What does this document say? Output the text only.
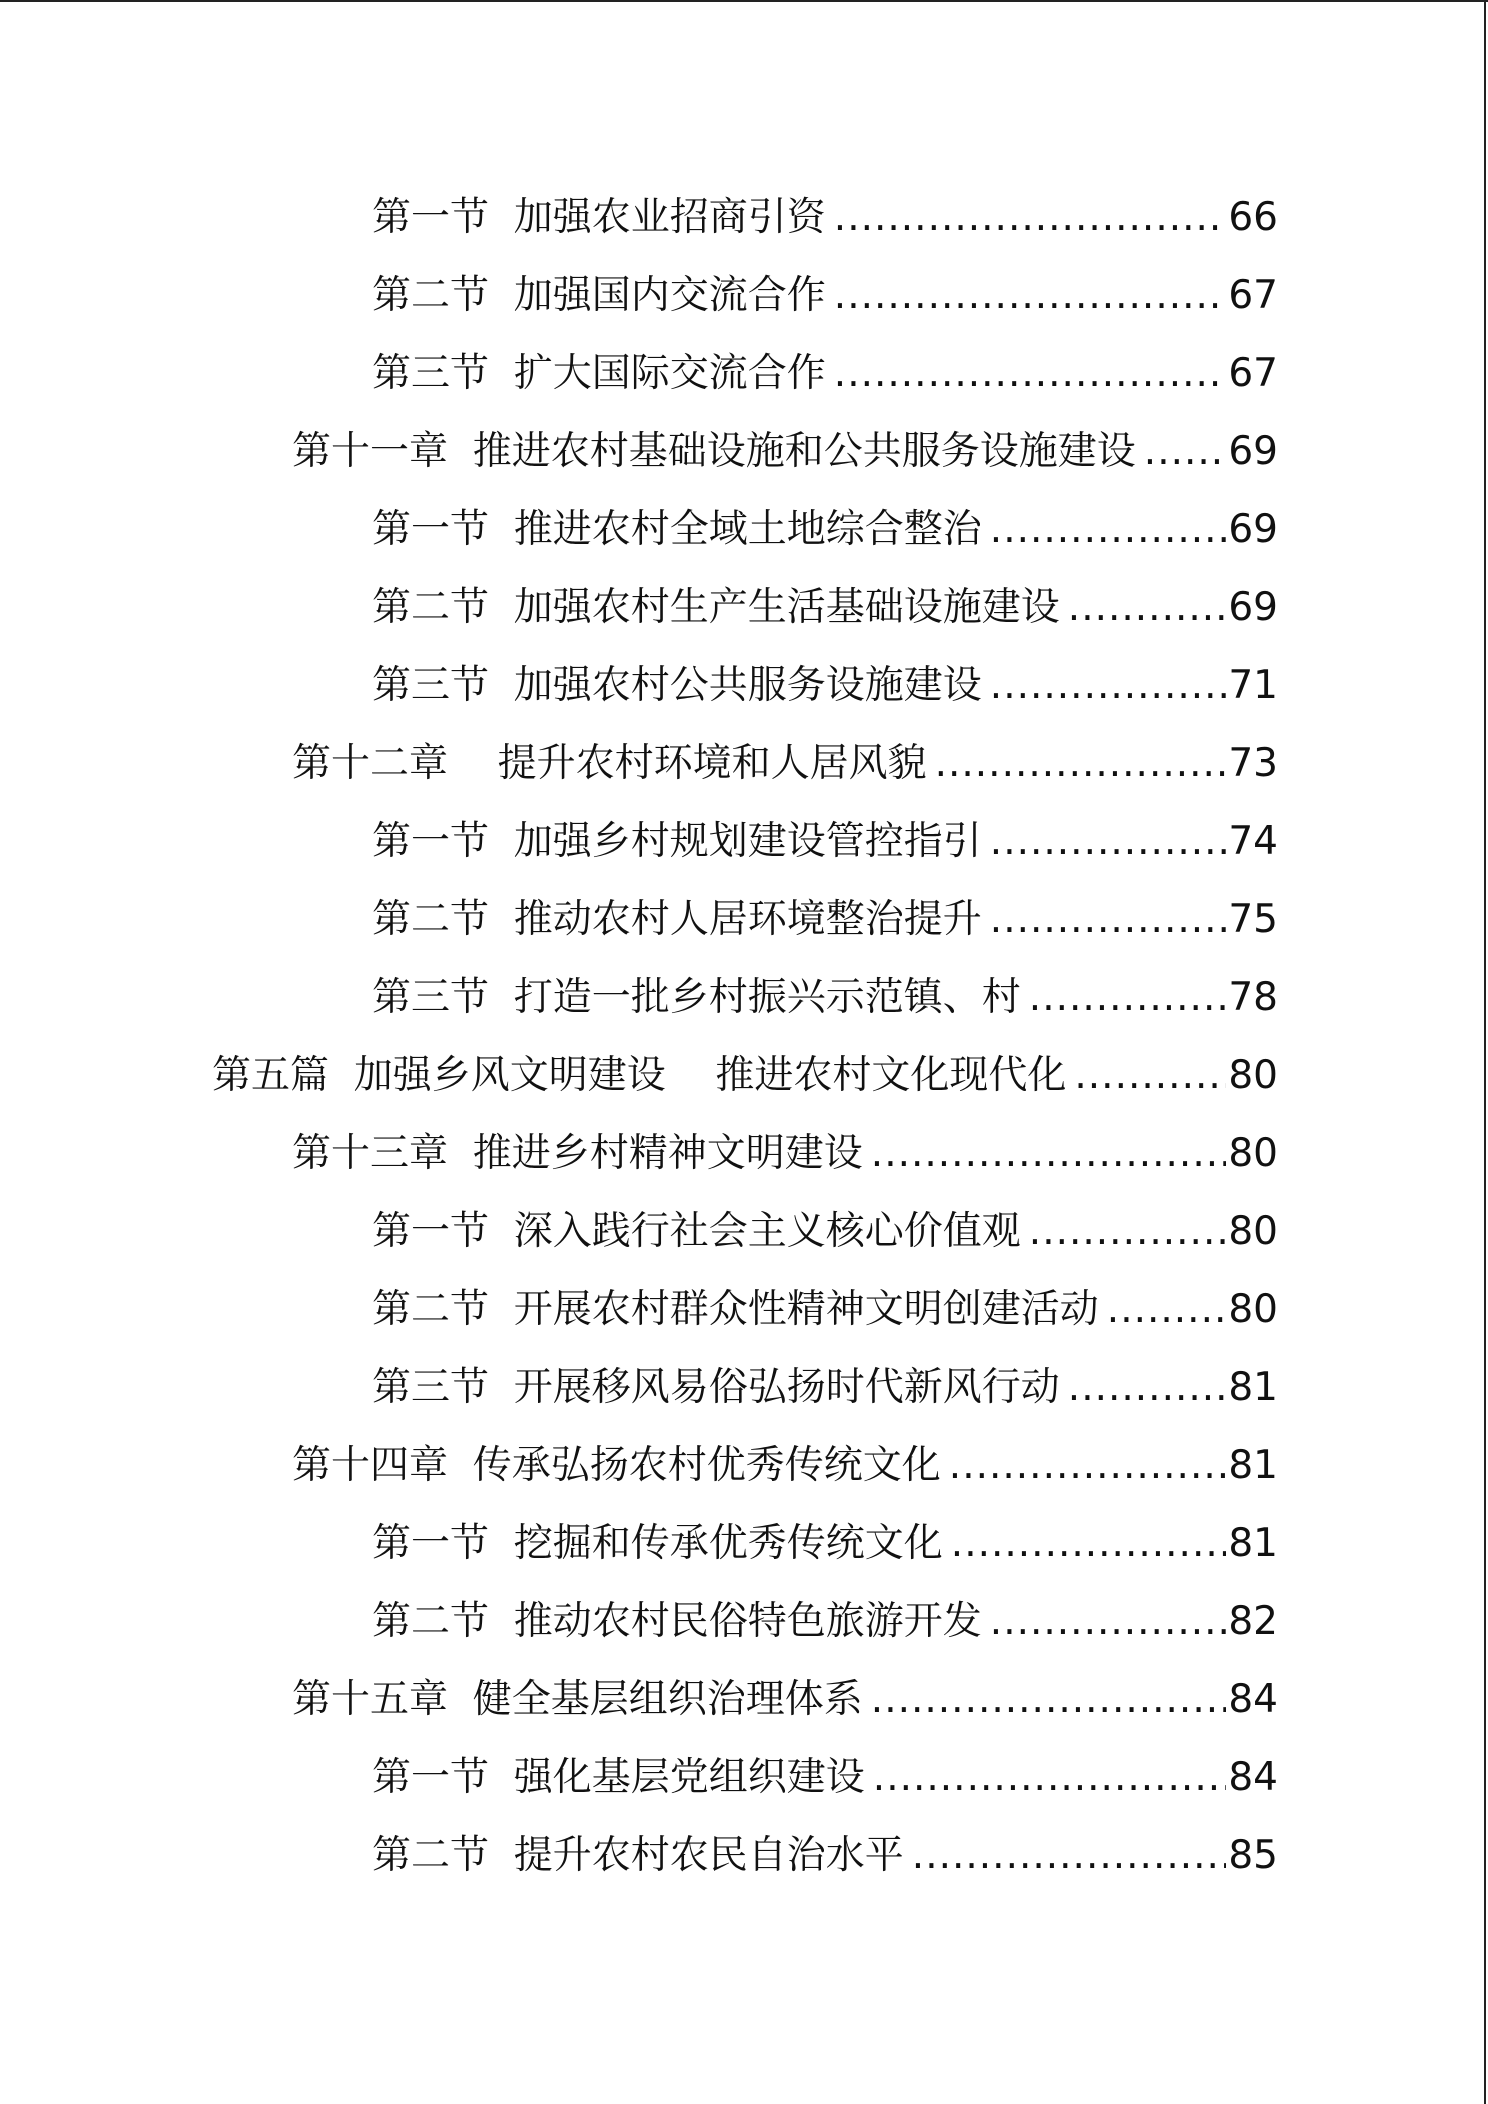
第一节  加强农业招商引资 .....	66
第二节  加强国内交流合作 .....	67
第三节  扩大国际交流合作 .....	67
第十一章  推进农村基础设施和公共服务设施建设 ..... 69
第一节  推进农村全域土地综合整治 .....	69
第二节  加强农村生产生活基础设施建设 .....	69
第三节  加强农村公共服务设施建设 .....	71
第十二章    提升农村环境和人居风貌 .....	73
第一节  加强乡村规划建设管控指引 .....	74
第二节  推动农村人居环境整治提升 .....	75
第三节  打造一批乡村振兴示范镇、村 .....	78
第五篇  加强乡风文明建设    推进农村文化现代化 .....	80
第十三章  推进乡村精神文明建设 .....	80
第一节  深入践行社会主义核心价值观 .....	80
第二节  开展农村群众性精神文明创建活动 .....	80
第三节  开展移风易俗弘扬时代新风行动 .....	81
第十四章  传承弘扬农村优秀传统文化 .....	81
第一节  挖掘和传承优秀传统文化 .....	81
第二节  推动农村民俗特色旅游开发 .....	82
第十五章  健全基层组织治理体系 .....	84
第一节  强化基层党组织建设 .....	84
第二节  提升农村农民自治水平 .....	85
